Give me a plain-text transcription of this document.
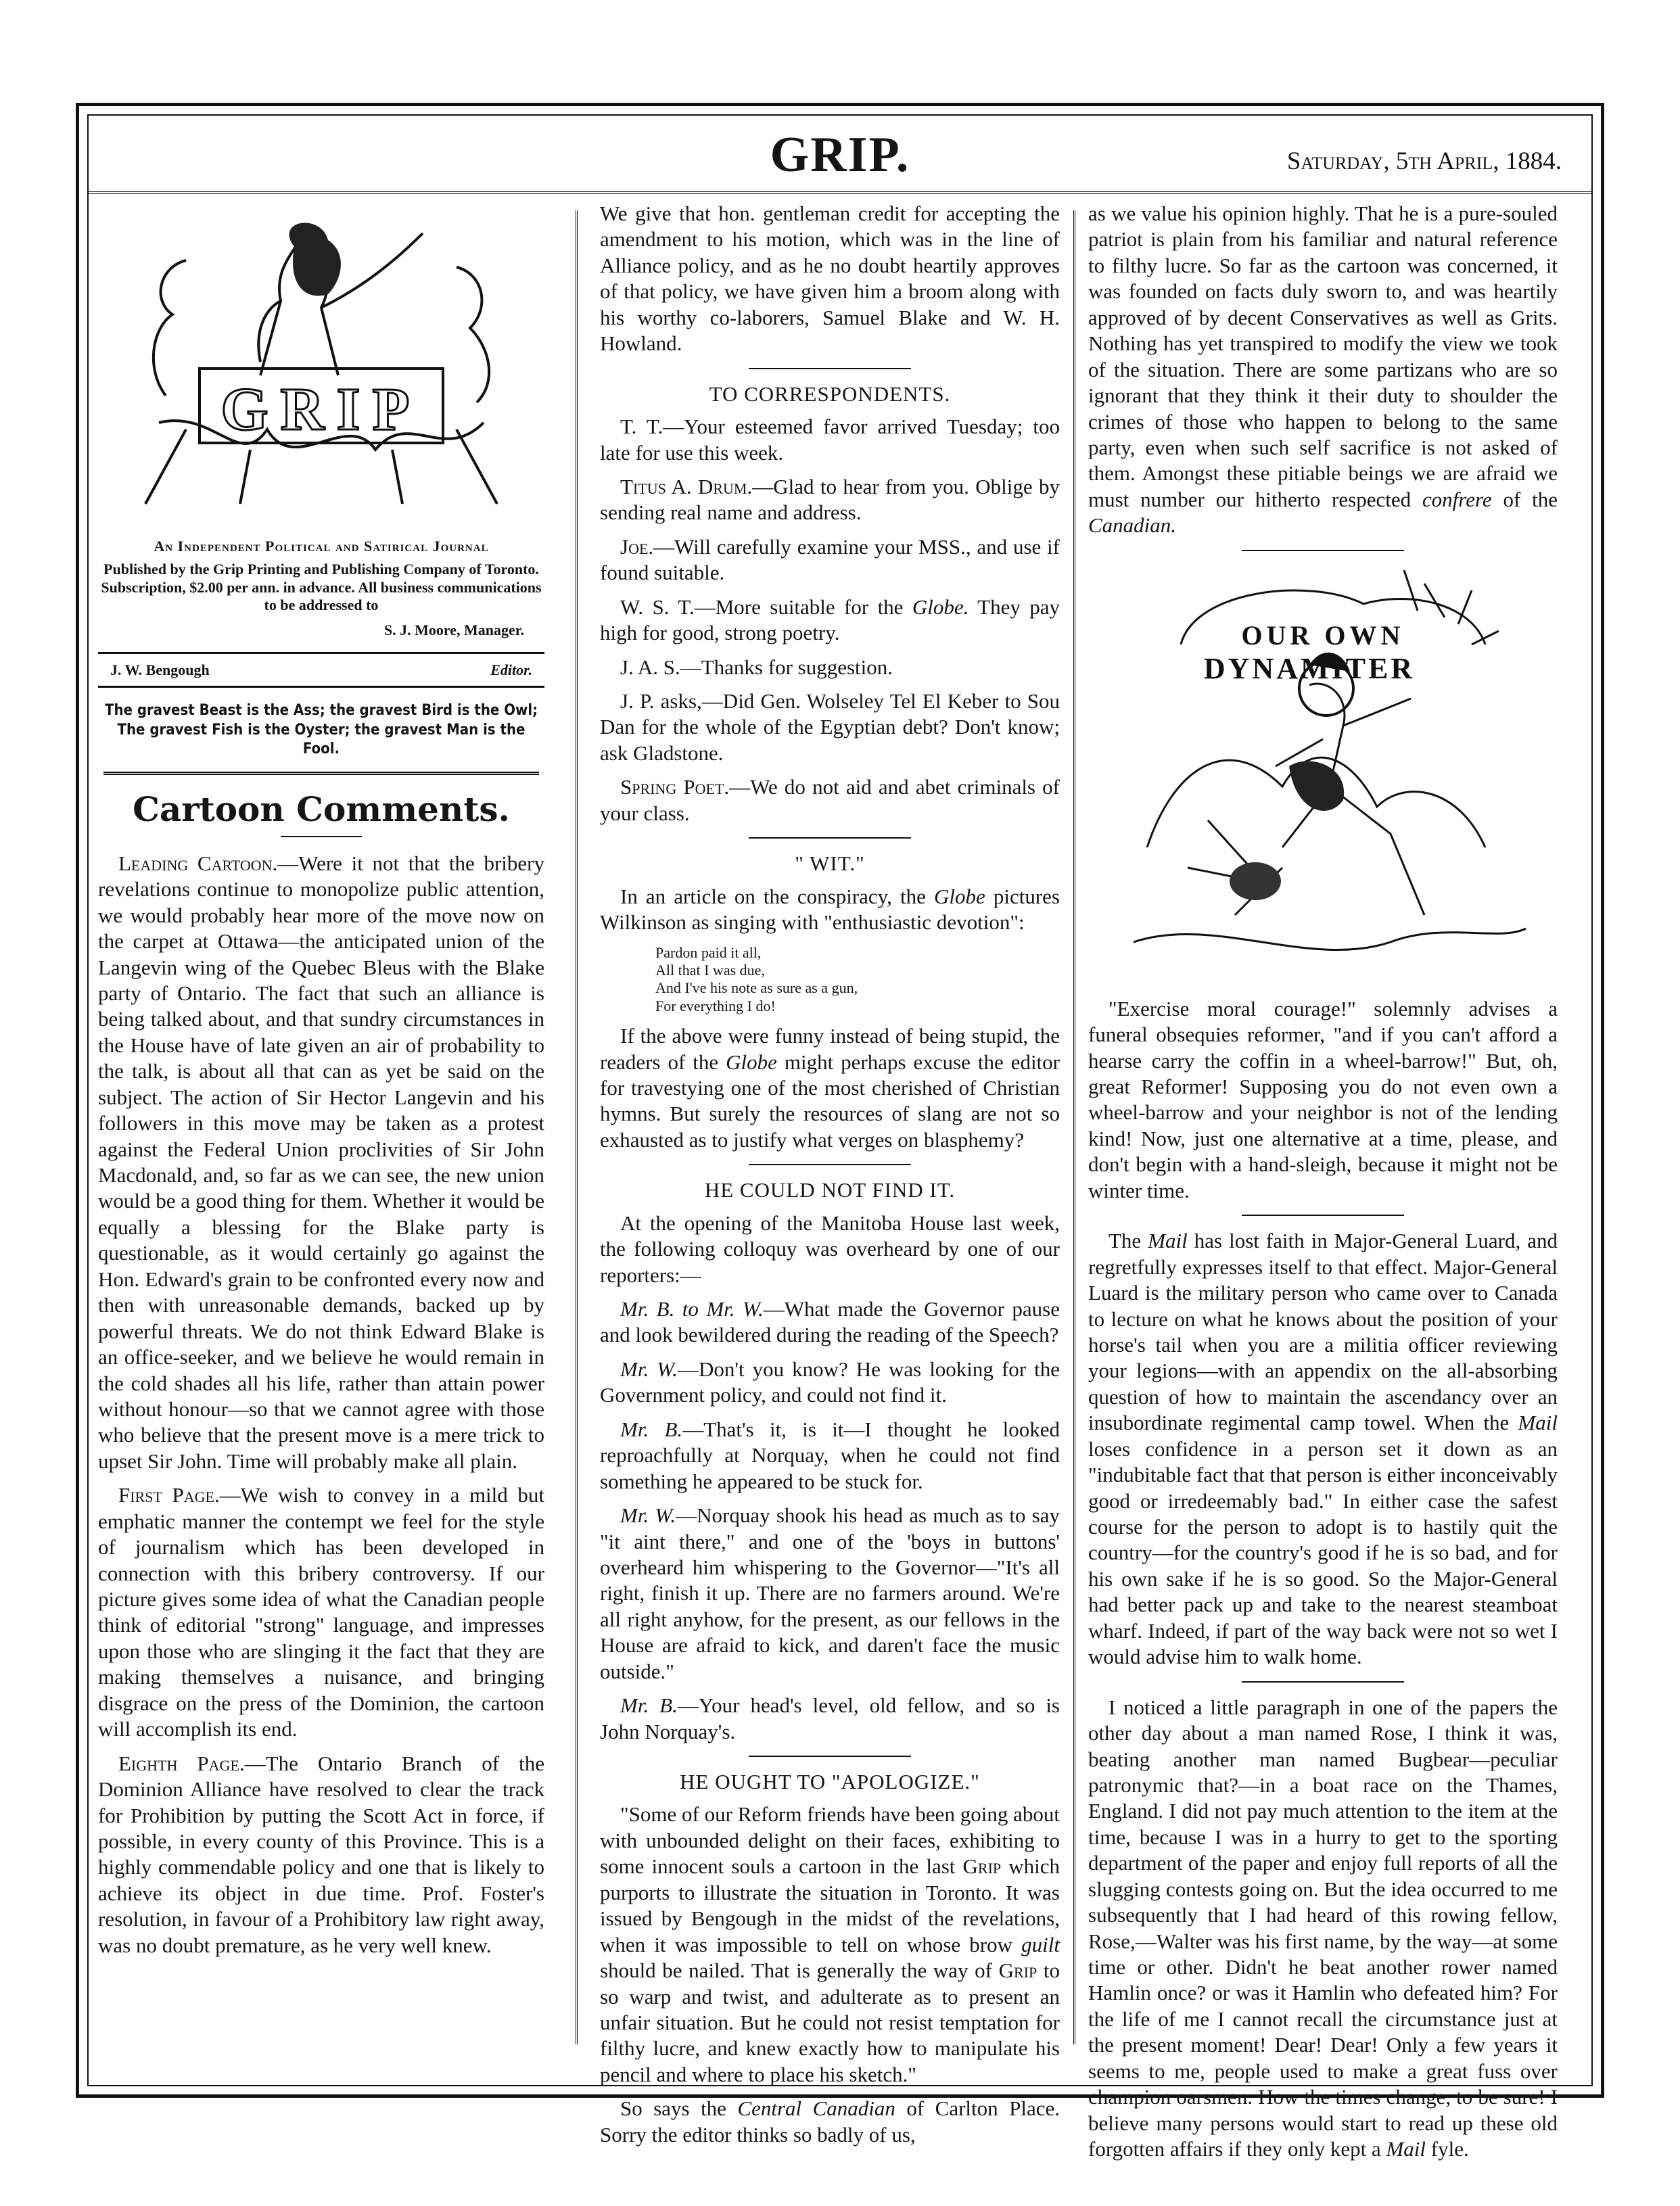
GRIP.	Saturday, 5th April, 1884.
GRIP
An Independent Political and Satirical Journal
Published by the Grip Printing and Publishing Company of Toronto. Subscription, $2.00 per ann. in advance. All business communications to be addressed to
S. J. Moore, Manager.
J. W. Bengough	Editor.
The gravest Beast is the Ass; the gravest Bird is the Owl;
The gravest Fish is the Oyster; the gravest Man is the Fool.
Cartoon Comments.

Leading Cartoon.—Were it not that the bribery revelations continue to monopolize public attention, we would probably hear more of the move now on the carpet at Ottawa—the anticipated union of the Langevin wing of the Quebec Bleus with the Blake party of Ontario. The fact that such an alliance is being talked about, and that sundry circumstances in the House have of late given an air of probability to the talk, is about all that can as yet be said on the subject. The action of Sir Hector Langevin and his followers in this move may be taken as a protest against the Federal Union proclivities of Sir John Macdonald, and, so far as we can see, the new union would be a good thing for them. Whether it would be equally a blessing for the Blake party is questionable, as it would certainly go against the Hon. Edward's grain to be confronted every now and then with unreasonable demands, backed up by powerful threats. We do not think Edward Blake is an office-seeker, and we believe he would remain in the cold shades all his life, rather than attain power without honour—so that we cannot agree with those who believe that the present move is a mere trick to upset Sir John. Time will probably make all plain.

First Page.—We wish to convey in a mild but emphatic manner the contempt we feel for the style of journalism which has been developed in connection with this bribery controversy. If our picture gives some idea of what the Canadian people think of editorial "strong" language, and impresses upon those who are slinging it the fact that they are making themselves a nuisance, and bringing disgrace on the press of the Dominion, the cartoon will accomplish its end.

Eighth Page.—The Ontario Branch of the Dominion Alliance have resolved to clear the track for Prohibition by putting the Scott Act in force, if possible, in every county of this Province. This is a highly commendable policy and one that is likely to achieve its object in due time. Prof. Foster's resolution, in favour of a Prohibitory law right away, was no doubt premature, as he very well knew.

We give that hon. gentleman credit for accepting the amendment to his motion, which was in the line of Alliance policy, and as he no doubt heartily approves of that policy, we have given him a broom along with his worthy co-laborers, Samuel Blake and W. H. Howland.

TO CORRESPONDENTS.

T. T.—Your esteemed favor arrived Tuesday; too late for use this week.

Titus A. Drum.—Glad to hear from you. Oblige by sending real name and address.

Joe.—Will carefully examine your MSS., and use if found suitable.

W. S. T.—More suitable for the Globe. They pay high for good, strong poetry.

J. A. S.—Thanks for suggestion.

J. P. asks,—Did Gen. Wolseley Tel El Keber to Sou Dan for the whole of the Egyptian debt? Don't know; ask Gladstone.

Spring Poet.—We do not aid and abet criminals of your class.

" WIT."

In an article on the conspiracy, the Globe pictures Wilkinson as singing with "enthusiastic devotion":

Pardon paid it all,
All that I was due,
And I've his note as sure as a gun,
For everything I do!

If the above were funny instead of being stupid, the readers of the Globe might perhaps excuse the editor for travestying one of the most cherished of Christian hymns. But surely the resources of slang are not so exhausted as to justify what verges on blasphemy?

HE COULD NOT FIND IT.

At the opening of the Manitoba House last week, the following colloquy was overheard by one of our reporters:—

Mr. B. to Mr. W.—What made the Governor pause and look bewildered during the reading of the Speech?

Mr. W.—Don't you know? He was looking for the Government policy, and could not find it.

Mr. B.—That's it, is it—I thought he looked reproachfully at Norquay, when he could not find something he appeared to be stuck for.

Mr. W.—Norquay shook his head as much as to say "it aint there," and one of the 'boys in buttons' overheard him whispering to the Governor—"It's all right, finish it up. There are no farmers around. We're all right anyhow, for the present, as our fellows in the House are afraid to kick, and daren't face the music outside."

Mr. B.—Your head's level, old fellow, and so is John Norquay's.

HE OUGHT TO "APOLOGIZE."

"Some of our Reform friends have been going about with unbounded delight on their faces, exhibiting to some innocent souls a cartoon in the last Grip which purports to illustrate the situation in Toronto. It was issued by Bengough in the midst of the revelations, when it was impossible to tell on whose brow guilt should be nailed. That is generally the way of Grip to so warp and twist, and adulterate as to present an unfair situation. But he could not resist temptation for filthy lucre, and knew exactly how to manipulate his pencil and where to place his sketch."

So says the Central Canadian of Carlton Place. Sorry the editor thinks so badly of us,

as we value his opinion highly. That he is a pure-souled patriot is plain from his familiar and natural reference to filthy lucre. So far as the cartoon was concerned, it was founded on facts duly sworn to, and was heartily approved of by decent Conservatives as well as Grits. Nothing has yet transpired to modify the view we took of the situation. There are some partizans who are so ignorant that they think it their duty to shoulder the crimes of those who happen to belong to the same party, even when such self sacrifice is not asked of them. Amongst these pitiable beings we are afraid we must number our hitherto respected confrere of the Canadian.

OUR OWN
DYNAMITER

"Exercise moral courage!" solemnly advises a funeral obsequies reformer, "and if you can't afford a hearse carry the coffin in a wheel-barrow!" But, oh, great Reformer! Supposing you do not even own a wheel-barrow and your neighbor is not of the lending kind! Now, just one alternative at a time, please, and don't begin with a hand-sleigh, because it might not be winter time.

The Mail has lost faith in Major-General Luard, and regretfully expresses itself to that effect. Major-General Luard is the military person who came over to Canada to lecture on what he knows about the position of your horse's tail when you are a militia officer reviewing your legions—with an appendix on the all-absorbing question of how to maintain the ascendancy over an insubordinate regimental camp towel. When the Mail loses confidence in a person set it down as an "indubitable fact that that person is either inconceivably good or irredeemably bad." In either case the safest course for the person to adopt is to hastily quit the country—for the country's good if he is so bad, and for his own sake if he is so good. So the Major-General had better pack up and take to the nearest steamboat wharf. Indeed, if part of the way back were not so wet I would advise him to walk home.

I noticed a little paragraph in one of the papers the other day about a man named Rose, I think it was, beating another man named Bugbear—peculiar patronymic that?—in a boat race on the Thames, England. I did not pay much attention to the item at the time, because I was in a hurry to get to the sporting department of the paper and enjoy full reports of all the slugging contests going on. But the idea occurred to me subsequently that I had heard of this rowing fellow, Rose,—Walter was his first name, by the way—at some time or other. Didn't he beat another rower named Hamlin once? or was it Hamlin who defeated him? For the life of me I cannot recall the circumstance just at the present moment! Dear! Dear! Only a few years it seems to me, people used to make a great fuss over champion oarsmen. How the times change, to be sure! I believe many persons would start to read up these old forgotten affairs if they only kept a Mail fyle.
